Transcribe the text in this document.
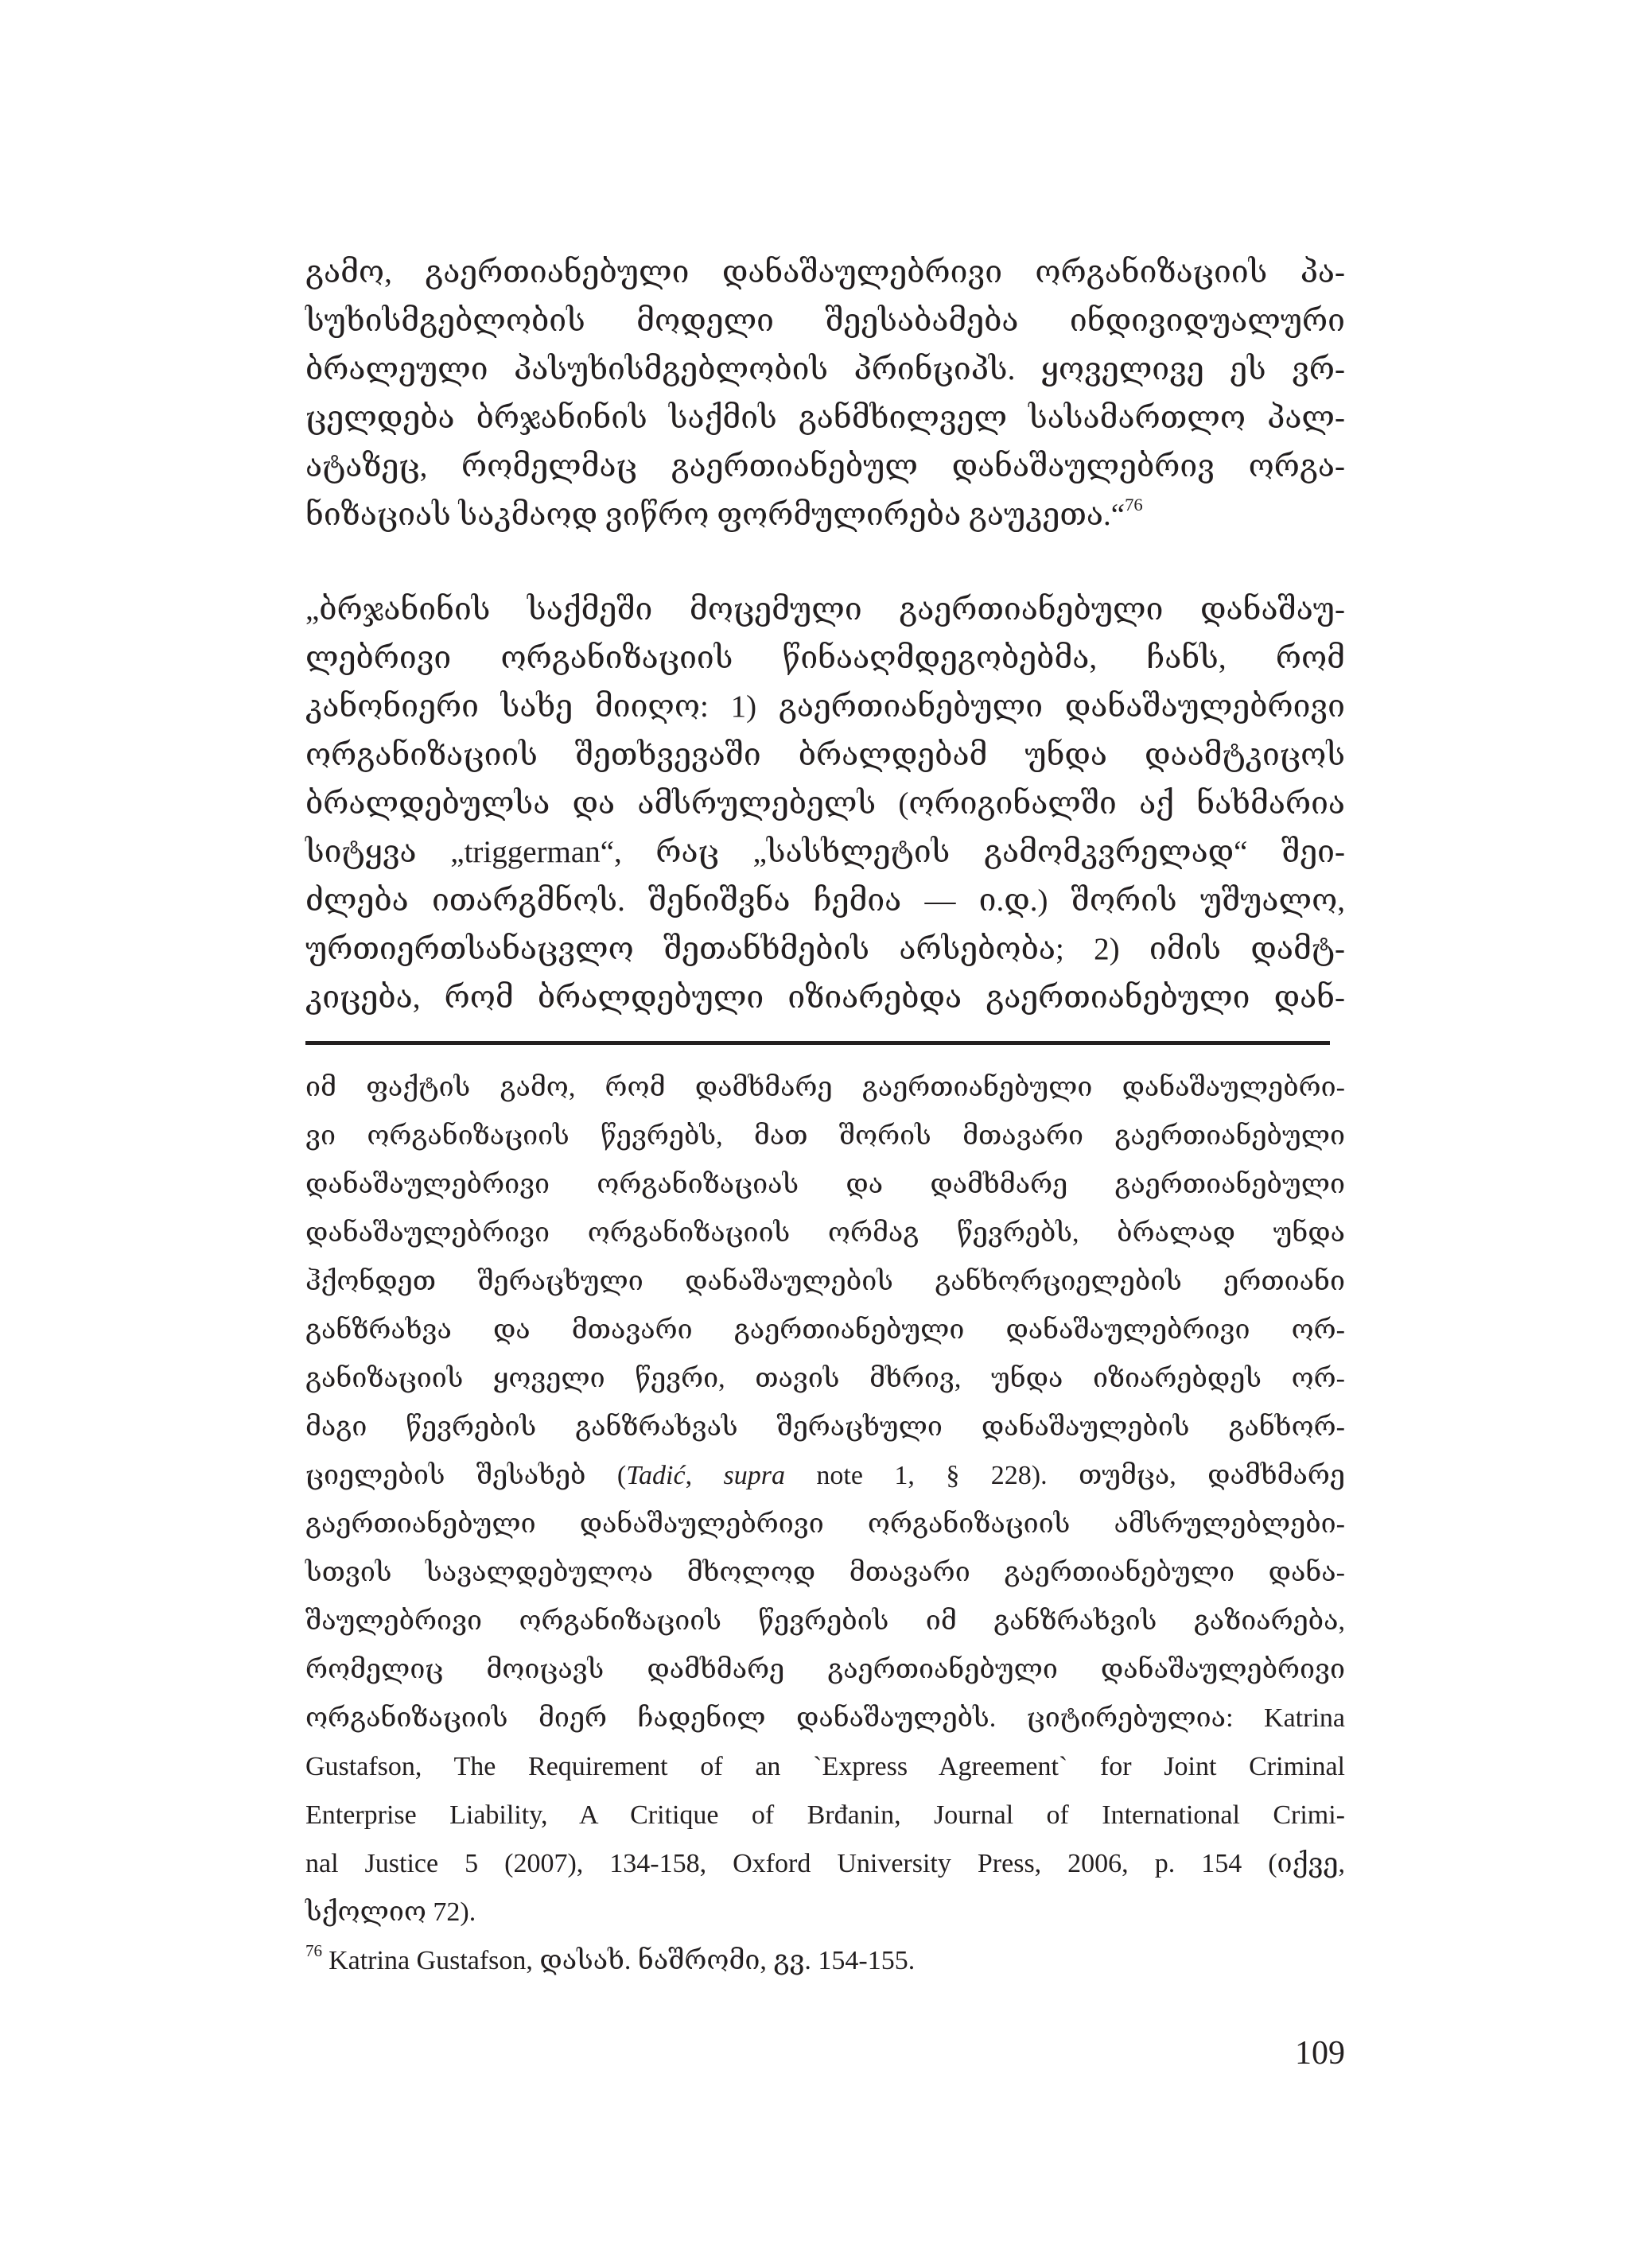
გამო, გაერთიანებული დანაშაულებრივი ორგანიზაციის პა-
სუხისმგებლობის მოდელი შეესაბამება ინდივიდუალური
ბრალეული პასუხისმგებლობის პრინციპს. ყოველივე ეს ვრ-
ცელდება ბრჯანინის საქმის განმხილველ სასამართლო პალ-
ატაზეც, რომელმაც გაერთიანებულ დანაშაულებრივ ორგა-
ნიზაციას საკმაოდ ვიწრო ფორმულირება გაუკეთა.“$^{76}$
„ბრჯანინის საქმეში მოცემული გაერთიანებული დანაშაუ-
ლებრივი ორგანიზაციის წინააღმდეგობებმა, ჩანს, რომ
კანონიერი სახე მიიღო: 1) გაერთიანებული დანაშაულებრივი
ორგანიზაციის შეთხვევაში ბრალდებამ უნდა დაამტკიცოს
ბრალდებულსა და ამსრულებელს (ორიგინალში აქ ნახმარია
სიტყვა „triggerman“, რაც „სასხლეტის გამომკვრელად“ შეი-
ძლება ითარგმნოს. შენიშვნა ჩემია — ი.დ.) შორის უშუალო,
ურთიერთსანაცვლო შეთანხმების არსებობა; 2) იმის დამტ-
კიცება, რომ ბრალდებული იზიარებდა გაერთიანებული დან-
იმ ფაქტის გამო, რომ დამხმარე გაერთიანებული დანაშაულებრი-
ვი ორგანიზაციის წევრებს, მათ შორის მთავარი გაერთიანებული
დანაშაულებრივი ორგანიზაციას და დამხმარე გაერთიანებული
დანაშაულებრივი ორგანიზაციის ორმაგ წევრებს, ბრალად უნდა
ჰქონდეთ შერაცხული დანაშაულების განხორციელების ერთიანი
განზრახვა და მთავარი გაერთიანებული დანაშაულებრივი ორ-
განიზაციის ყოველი წევრი, თავის მხრივ, უნდა იზიარებდეს ორ-
მაგი წევრების განზრახვას შერაცხული დანაშაულების განხორ-
ციელების შესახებ (Tadić, supra note 1, § 228). თუმცა, დამხმარე
გაერთიანებული დანაშაულებრივი ორგანიზაციის ამსრულებლები-
სთვის სავალდებულოა მხოლოდ მთავარი გაერთიანებული დანა-
შაულებრივი ორგანიზაციის წევრების იმ განზრახვის გაზიარება,
რომელიც მოიცავს დამხმარე გაერთიანებული დანაშაულებრივი
ორგანიზაციის მიერ ჩადენილ დანაშაულებს. ციტირებულია: Katrina
Gustafson, The Requirement of an `Express Agreement` for Joint Criminal
Enterprise Liability, A Critique of Brđanin, Journal of International Crimi-
nal Justice 5 (2007), 134-158, Oxford University Press, 2006, p. 154 (იქვე,
სქოლიო 72).
$^{76}$ Katrina Gustafson, დასახ. ნაშრომი, გვ. 154-155.
109
